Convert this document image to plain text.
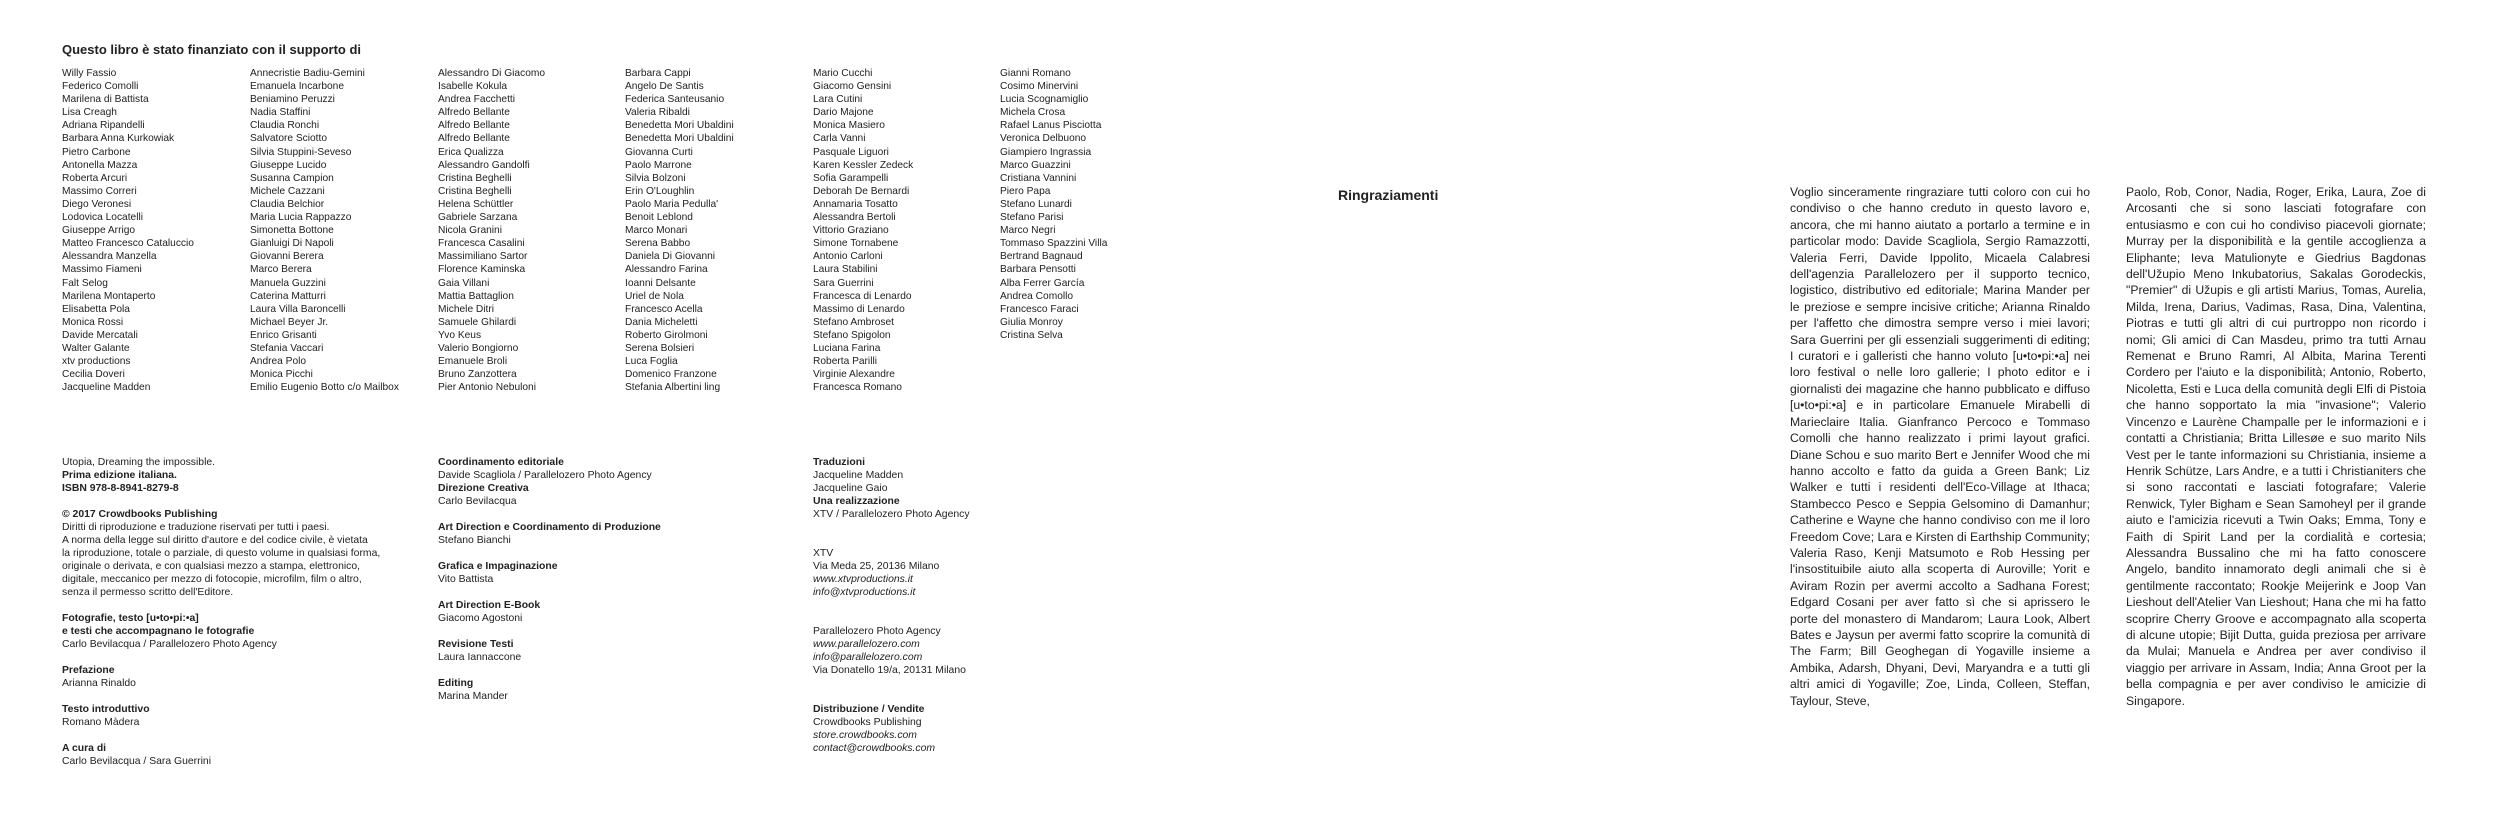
Questo libro è stato finanziato con il supporto di
Willy Fassio
Federico Comolli
Marilena di Battista
Lisa Creagh
Adriana Ripandelli
Barbara Anna Kurkowiak
Pietro Carbone
Antonella Mazza
Roberta Arcuri
Massimo Correri
Diego Veronesi
Lodovica Locatelli
Giuseppe Arrigo
Matteo Francesco Cataluccio
Alessandra Manzella
Massimo Fiameni
Falt Selog
Marilena Montaperto
Elisabetta Pola
Monica Rossi
Davide Mercatali
Walter Galante
xtv productions
Cecilia Doveri
Jacqueline Madden
Annecristie Badiu-Gemini
Emanuela Incarbone
Beniamino Peruzzi
Nadia Staffini
Claudia Ronchi
Salvatore Sciotto
Silvia Stuppini-Seveso
Giuseppe Lucido
Susanna Campion
Michele Cazzani
Claudia Belchior
Maria Lucia Rappazzo
Simonetta Bottone
Gianluigi Di Napoli
Giovanni Berera
Marco Berera
Manuela Guzzini
Caterina Matturri
Laura Villa Baroncelli
Michael Beyer Jr.
Enrico Grisanti
Stefania Vaccari
Andrea Polo
Monica Picchi
Emilio Eugenio Botto c/o Mailbox
Alessandro Di Giacomo
Isabelle Kokula
Andrea Facchetti
Alfredo Bellante
Alfredo Bellante
Alfredo Bellante
Erica Qualizza
Alessandro Gandolfi
Cristina Beghelli
Cristina Beghelli
Helena Schüttler
Gabriele Sarzana
Nicola Granini
Francesca Casalini
Massimiliano Sartor
Florence Kaminska
Gaia Villani
Mattia Battaglion
Michele Ditri
Samuele Ghilardi
Yvo Keus
Valerio Bongiorno
Emanuele Broli
Bruno Zanzottera
Pier Antonio Nebuloni
Barbara Cappi
Angelo De Santis
Federica Santeusanio
Valeria Ribaldi
Benedetta Mori Ubaldini
Benedetta Mori Ubaldini
Giovanna Curti
Paolo Marrone
Silvia Bolzoni
Erin O'Loughlin
Paolo Maria Pedulla'
Benoit Leblond
Marco Monari
Serena Babbo
Daniela Di Giovanni
Alessandro Farina
Ioanni Delsante
Uriel de Nola
Francesco Acella
Dania Micheletti
Roberto Girolmoni
Serena Bolsieri
Luca Foglia
Domenico Franzone
Stefania Albertini ling
Mario Cucchi
Giacomo Gensini
Lara Cutini
Dario Majone
Monica Masiero
Carla Vanni
Pasquale Liguori
Karen Kessler Zedeck
Sofia Garampelli
Deborah De Bernardi
Annamaria Tosatto
Alessandra Bertoli
Vittorio Graziano
Simone Tornabene
Antonio Carloni
Laura Stabilini
Sara Guerrini
Francesca di Lenardo
Massimo di Lenardo
Stefano Ambroset
Stefano Spigolon
Luciana Farina
Roberta Parilli
Virginie Alexandre
Francesca Romano
Gianni Romano
Cosimo Minervini
Lucia Scognamiglio
Michela Crosa
Rafael Lanus Pisciotta
Veronica Delbuono
Giampiero Ingrassia
Marco Guazzini
Cristiana Vannini
Piero Papa
Stefano Lunardi
Stefano Parisi
Marco Negri
Tommaso Spazzini Villa
Bertrand Bagnaud
Barbara Pensotti
Alba Ferrer García
Andrea Comollo
Francesco Faraci
Giulia Monroy
Cristina Selva
Utopia, Dreaming the impossible.
Prima edizione italiana.
ISBN 978-8-8941-8279-8
© 2017 Crowdbooks Publishing
Diritti di riproduzione e traduzione riservati per tutti i paesi.
A norma della legge sul diritto d'autore e del codice civile, è vietata
la riproduzione, totale o parziale, di questo volume in qualsiasi forma,
originale o derivata, e con qualsiasi mezzo a stampa, elettronico,
digitale, meccanico per mezzo di fotocopie, microfilm, film o altro,
senza il permesso scritto dell'Editore.
Fotografie, testo [u•to•pi:•a]
e testi che accompagnano le fotografie
Carlo Bevilacqua / Parallelozero Photo Agency
Prefazione
Arianna Rinaldo
Testo introduttivo
Romano Màdera
A cura di
Carlo Bevilacqua / Sara Guerrini
Coordinamento editoriale
Davide Scagliola / Parallelozero Photo Agency
Direzione Creativa
Carlo Bevilacqua
Art Direction e Coordinamento di Produzione
Stefano Bianchi
Grafica e Impaginazione
Vito Battista
Art Direction E-Book
Giacomo Agostoni
Revisione Testi
Laura Iannaccone
Editing
Marina Mander
Traduzioni
Jacqueline Madden
Jacqueline Gaio
Una realizzazione
XTV / Parallelozero Photo Agency
XTV
Via Meda 25, 20136 Milano
www.xtvproductions.it
info@xtvproductions.it
Parallelozero Photo Agency
www.parallelozero.com
info@parallelozero.com
Via Donatello 19/a, 20131 Milano
Distribuzione / Vendite
Crowdbooks Publishing
store.crowdbooks.com
contact@crowdbooks.com
Ringraziamenti	Voglio sinceramente ringraziare tutti coloro con cui ho condiviso o che hanno creduto in questo lavoro e, ancora, che mi hanno aiutato a portarlo a termine e in particolar modo: Davide Scagliola, Sergio Ramazzotti, Valeria Ferri, Davide Ippolito, Micaela Calabresi dell'agenzia Parallelozero per il supporto tecnico, logistico, distributivo ed editoriale; Marina Mander per le preziose e sempre incisive critiche; Arianna Rinaldo per l'affetto che dimostra sempre verso i miei lavori; Sara Guerrini per gli essenziali suggerimenti di editing; I curatori e i galleristi che hanno voluto [u•to•pi:•a] nei loro festival o nelle loro gallerie; I photo editor e i giornalisti dei magazine che hanno pubblicato e diffuso [u•to•pi:•a] e in particolare Emanuele Mirabelli di Marieclaire Italia. Gianfranco Percoco e Tommaso Comolli che hanno realizzato i primi layout grafici. Diane Schou e suo marito Bert e Jennifer Wood che mi hanno accolto e fatto da guida a Green Bank; Liz Walker e tutti i residenti dell'Eco-Village at Ithaca; Stambecco Pesco e Seppia Gelsomino di Damanhur; Catherine e Wayne che hanno condiviso con me il loro Freedom Cove; Lara e Kirsten di Earthship Community; Valeria Raso, Kenji Matsumoto e Rob Hessing per l'insostituibile aiuto alla scoperta di Auroville; Yorit e Aviram Rozin per avermi accolto a Sadhana Forest; Edgard Cosani per aver fatto sì che si aprissero le porte del monastero di Mandarom; Laura Look, Albert Bates e Jaysun per avermi fatto scoprire la comunità di The Farm; Bill Geoghegan di Yogaville insieme a Ambika, Adarsh, Dhyani, Devi, Maryandra e a tutti gli altri amici di Yogaville; Zoe, Linda, Colleen, Steffan, Taylour, Steve,
Paolo, Rob, Conor, Nadia, Roger, Erika, Laura, Zoe di Arcosanti che si sono lasciati fotografare con entusiasmo e con cui ho condiviso piacevoli giornate; Murray per la disponibilità e la gentile accoglienza a Eliphante; Ieva Matulionyte e Giedrius Bagdonas dell'Užupio Meno Inkubatorius, Sakalas Gorodeckis, "Premier" di Užupis e gli artisti Marius, Tomas, Aurelia, Milda, Irena, Darius, Vadimas, Rasa, Dina, Valentina, Piotras e tutti gli altri di cui purtroppo non ricordo i nomi; Gli amici di Can Masdeu, primo tra tutti Arnau Remenat e Bruno Ramri, Al Albita, Marina Terenti Cordero per l'aiuto e la disponibilità; Antonio, Roberto, Nicoletta, Esti e Luca della comunità degli Elfi di Pistoia che hanno sopportato la mia "invasione"; Valerio Vincenzo e Laurène Champalle per le informazioni e i contatti a Christiania; Britta Lillesøe e suo marito Nils Vest per le tante informazioni su Christiania, insieme a Henrik Schütze, Lars Andre, e a tutti i Christianiters che si sono raccontati e lasciati fotografare; Valerie Renwick, Tyler Bigham e Sean Samoheyl per il grande aiuto e l'amicizia ricevuti a Twin Oaks; Emma, Tony e Faith di Spirit Land per la cordialità e cortesia; Alessandra Bussalino che mi ha fatto conoscere Angelo, bandito innamorato degli animali che si è gentilmente raccontato; Rookje Meijerink e Joop Van Lieshout dell'Atelier Van Lieshout; Hana che mi ha fatto scoprire Cherry Groove e accompagnato alla scoperta di alcune utopie; Bijit Dutta, guida preziosa per arrivare da Mulai; Manuela e Andrea per aver condiviso il viaggio per arrivare in Assam, India; Anna Groot per la bella compagnia e per aver condiviso le amicizie di Singapore.
